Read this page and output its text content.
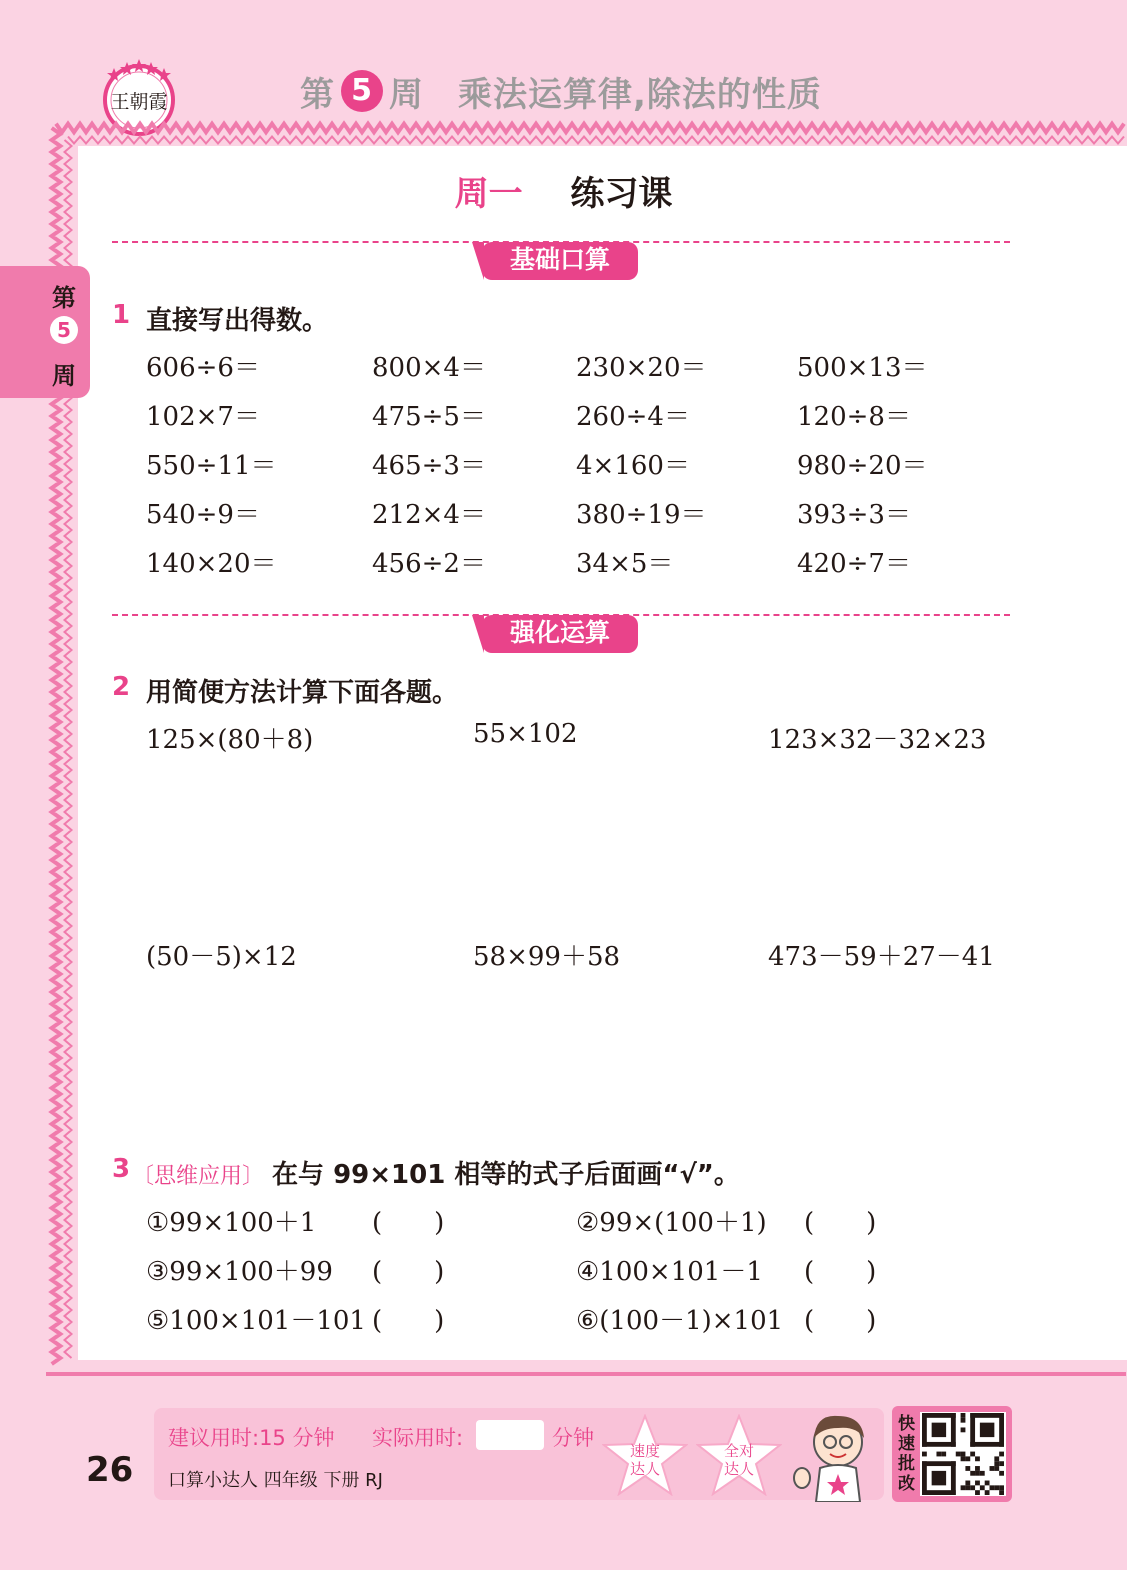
王朝霞	第 5 周 乘法运算律,除法的性质
第
5
周
周一 练习课
基础口算
1 直接写出得数。
606÷6＝	800×4＝	230×20＝	500×13＝
102×7＝	475÷5＝	260÷4＝	120÷8＝
550÷11＝	465÷3＝	4×160＝	980÷20＝
540÷9＝	212×4＝	380÷19＝	393÷3＝
140×20＝	456÷2＝	34×5＝	420÷7＝
强化运算
2 用简便方法计算下面各题。
125×(80＋8)	55×102	123×32－32×23
(50－5)×12	58×99＋58	473－59＋27－41
3 〔思维应用〕 在与 99×101 相等的式子后面画“√”。
①99×100＋1 (　　)	②99×(100＋1) (　　)
③99×100＋99 (　　)	④100×101－1 (　　)
⑤100×101－101 (　　)	⑥(100－1)×101 (　　)
26
建议用时:15 分钟 实际用时:	分钟
口算小达人 四年级 下册 RJ
速度
达人
全对
达人
快速批改
